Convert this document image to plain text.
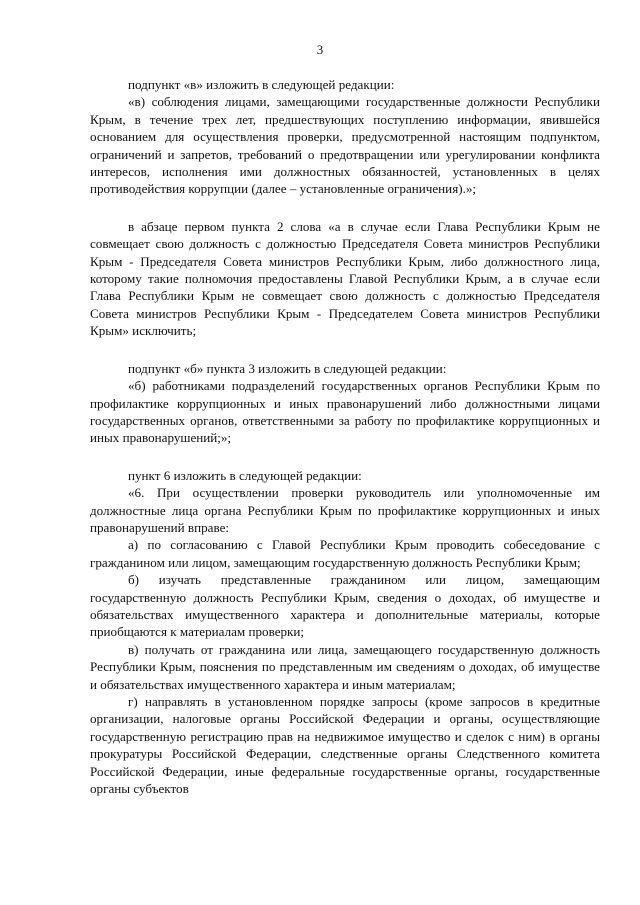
3

подпункт «в» изложить в следующей редакции:

«в) соблюдения лицами, замещающими государственные должности Республики Крым, в течение трех лет, предшествующих поступлению информации, явившейся основанием для осуществления проверки, предусмотренной настоящим подпунктом, ограничений и запретов, требований о предотвращении или урегулировании конфликта интересов, исполнения ими должностных обязанностей, установленных в целях противодействия коррупции (далее – установленные ограничения).»;

в абзаце первом пункта 2 слова «а в случае если Глава Республики Крым не совмещает свою должность с должностью Председателя Совета министров Республики Крым - Председателя Совета министров Республики Крым, либо должностного лица, которому такие полномочия предоставлены Главой Республики Крым, а в случае если Глава Республики Крым не совмещает свою должность с должностью Председателя Совета министров Республики Крым - Председателем Совета министров Республики Крым» исключить;

подпункт «б» пункта 3 изложить в следующей редакции:

«б) работниками подразделений государственных органов Республики Крым по профилактике коррупционных и иных правонарушений либо должностными лицами государственных органов, ответственными за работу по профилактике коррупционных и иных правонарушений;»;

пункт 6 изложить в следующей редакции:

«6. При осуществлении проверки руководитель или уполномоченные им должностные лица органа Республики Крым по профилактике коррупционных и иных правонарушений вправе:

а) по согласованию с Главой Республики Крым проводить собеседование с гражданином или лицом, замещающим государственную должность Республики Крым;

б) изучать представленные гражданином или лицом, замещающим государственную должность Республики Крым, сведения о доходах, об имуществе и обязательствах имущественного характера и дополнительные материалы, которые приобщаются к материалам проверки;

в) получать от гражданина или лица, замещающего государственную должность Республики Крым, пояснения по представленным им сведениям о доходах, об имуществе и обязательствах имущественного характера и иным материалам;

г) направлять в установленном порядке запросы (кроме запросов в кредитные организации, налоговые органы Российской Федерации и органы, осуществляющие государственную регистрацию прав на недвижимое имущество и сделок с ним) в органы прокуратуры Российской Федерации, следственные органы Следственного комитета Российской Федерации, иные федеральные государственные органы, государственные органы субъектов
